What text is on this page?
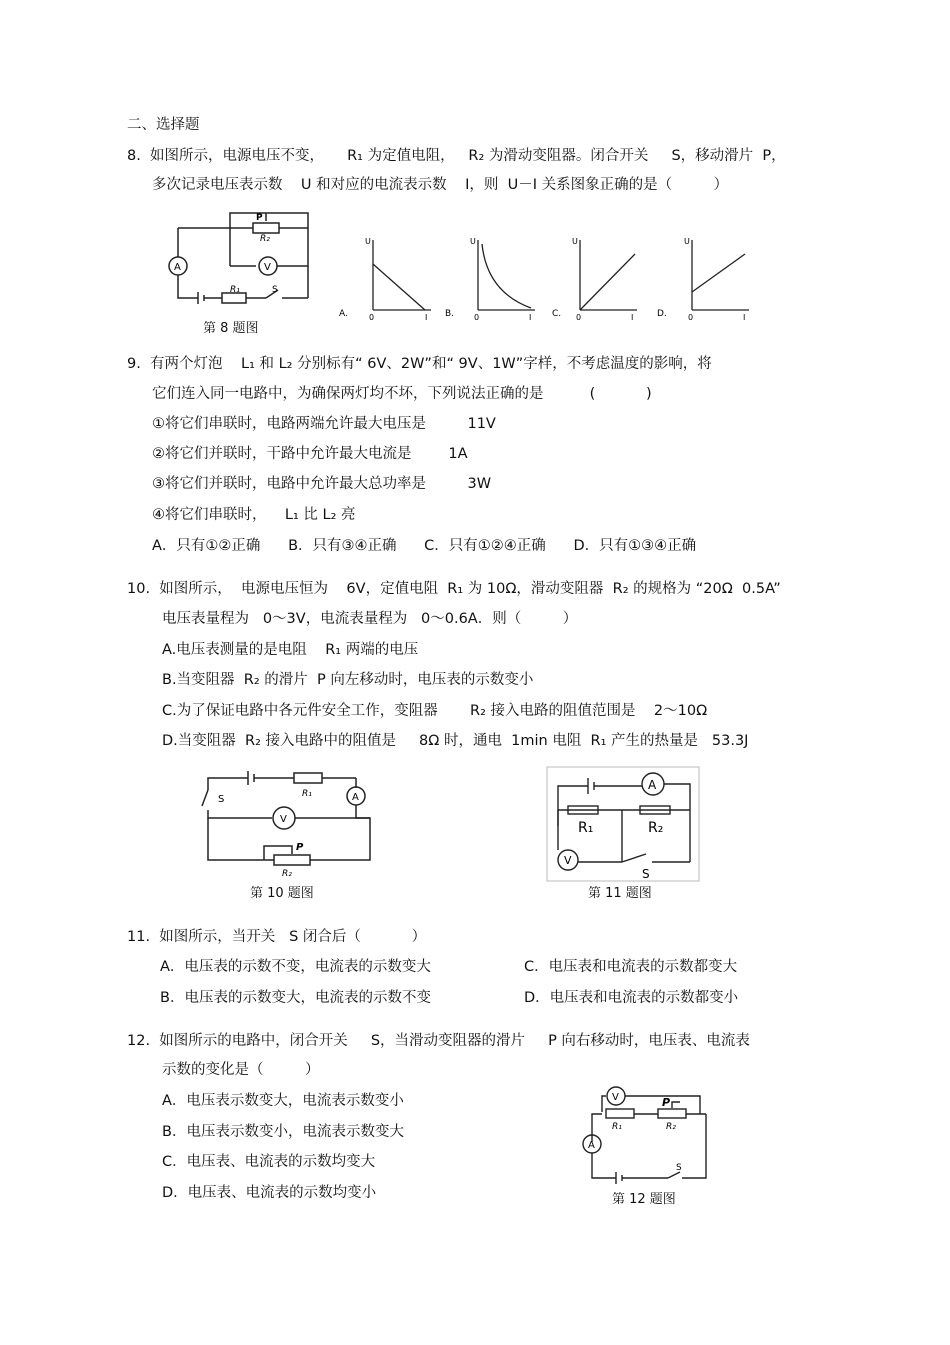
二、选择题
8.  如图所示，电源电压不变，     R₁ 为定值电阻，   R₂ 为滑动变阻器。闭合开关     S，移动滑片  P，
多次记录电压表示数    U 和对应的电流表示数    I，则  U－I 关系图象正确的是（         ）
A	V
R₁
R₂
P
S
第 8 题图
U
0	I
U
0	I
U
0	I
U
0	I
A.	B.	C.	D.
9.  有两个灯泡    L₁ 和 L₂ 分别标有“ 6V、2W”和“ 9V、1W”字样，不考虑温度的影响，将
它们连入同一电路中，为确保两灯均不坏，下列说法正确的是          (           )
①将它们串联时，电路两端允许最大电压是         11V
②将它们并联时，干路中允许最大电流是        1A
③将它们并联时，电路中允许最大总功率是         3W
④将它们串联时，    L₁ 比 L₂ 亮
A．只有①②正确      B．只有③④正确      C．只有①②④正确      D．只有①③④正确
10.  如图所示，  电源电压恒为    6V，定值电阻  R₁ 为 10Ω，滑动变阻器  R₂ 的规格为 “20Ω  0.5A”
电压表量程为   0～3V，电流表量程为   0～0.6A．则（         ）
A.电压表测量的是电阻    R₁ 两端的电压
B.当变阻器  R₂ 的滑片  P 向左移动时，电压表的示数变小
C.为了保证电路中各元件安全工作，变阻器       R₂ 接入电路的阻值范围是    2～10Ω
D.当变阻器  R₂ 接入电路中的阻值是     8Ω 时，通电  1min 电阻  R₁ 产生的热量是   53.3J
A
V
R₁
R₂
P
S
第 10 题图
A
V
R₁	R₂
S
第 11 题图
11.  如图所示，当开关   S 闭合后（           ）
A．电压表的示数不变，电流表的示数变大
B．电压表的示数变大，电流表的示数不变
C．电压表和电流表的示数都变大
D．电压表和电流表的示数都变小
12.  如图所示的电路中，闭合开关     S，当滑动变阻器的滑片     P 向右移动时，电压表、电流表
示数的变化是（         ）
A．电压表示数变大，电流表示数变小
B．电压表示数变小，电流表示数变大
C．电压表、电流表的示数均变大
D．电压表、电流表的示数均变小
V
A
R₁	R₂
P
S
第 12 题图
